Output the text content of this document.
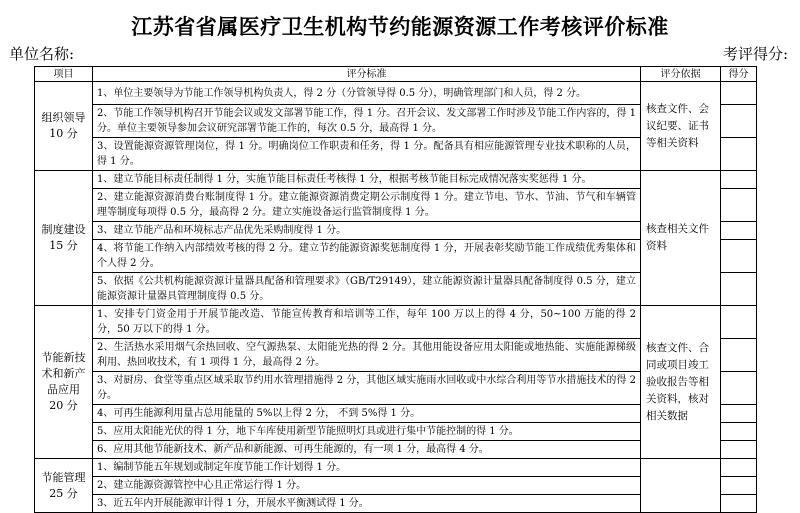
江苏省省属医疗卫生机构节约能源资源工作考核评价标准
单位名称:	考评得分:
项目	评分标准	评分依据	得分

组织领导
10 分	1、单位主要领导为节能工作领导机构负责人，得 2 分（分管领导得 0.5 分），明确管理部门和人员，得 2 分。	核查文件、会议纪要、证书等相关资料	
	2、节能工作领导机构召开节能会议或发文部署节能工作，得 1 分。召开会议、发文部署工作时涉及节能工作内容的，得 1 分。单位主要领导参加会议研究部署节能工作的，每次 0.5 分，最高得 1 分。		
	3、设置能源资源管理岗位，得 1 分。明确岗位工作职责和任务，得 1 分。配备具有相应能源管理专业技术职称的人员，得 1 分。		

制度建设
15 分	1、建立节能目标责任制得 1 分，实施节能目标责任考核得 1 分，根据考核节能目标完成情况落实奖惩得 1 分。	核查相关文件资料	
	2、建立能源资源消费台账制度得 1 分。建立能源资源消费定期公示制度得 1 分。建立节电、节水、节油、节气和车辆管理等制度每项得 0.5 分，最高得 2 分。建立实施设备运行监管制度得 1 分。		
	3、建立节能产品和环境标志产品优先采购制度得 1 分。		
	4、将节能工作纳入内部绩效考核的得 2 分。建立节约能源资源奖惩制度得 1 分，开展表彰奖励节能工作成绩优秀集体和个人得 2 分。		
	5、依据《公共机构能源资源计量器具配备和管理要求》（GB/T29149），建立能源资源计量器具配备制度得 0.5 分，建立能源资源计量器具管理制度得 0.5 分。		

节能新技
术和新产
品应用
20 分	1、安排专门资金用于开展节能改造、节能宣传教育和培训等工作，每年 100 万以上的得 4 分，50~100 万能的得 2 分，50 万以下的得 1 分。	核查文件、合同或项目竣工验收报告等相关资料，核对相关数据	
	2、生活热水采用烟气余热回收、空气源热泵、太阳能光热的得 2 分。其他用能设备应用太阳能或地热能、实施能源梯级利用、热回收技术，有 1 项得 1 分，最高得 2 分。		
	3、对厨房、食堂等重点区域采取节约用水管理措施得 2 分，其他区域实施雨水回收或中水综合利用等节水措施技术的得 2 分。		
	4、可再生能源利用量占总用能量的 5%以上得 2 分， 不到 5%得 1 分。		
	5、应用太阳能光伏的得 1 分，地下车库使用新型节能照明灯具或进行集中节能控制的得 1 分。		
	6、应用其他节能新技术、新产品和新能源、可再生能源的，有一项 1 分，最高得 4 分。		

节能管理
25 分	1、编制节能五年规划或制定年度节能工作计划得 1 分。		
	2、建立能源资源管控中心且正常运行得 1 分。		
	3、近五年内开展能源审计得 1 分，开展水平衡测试得 1 分。		
